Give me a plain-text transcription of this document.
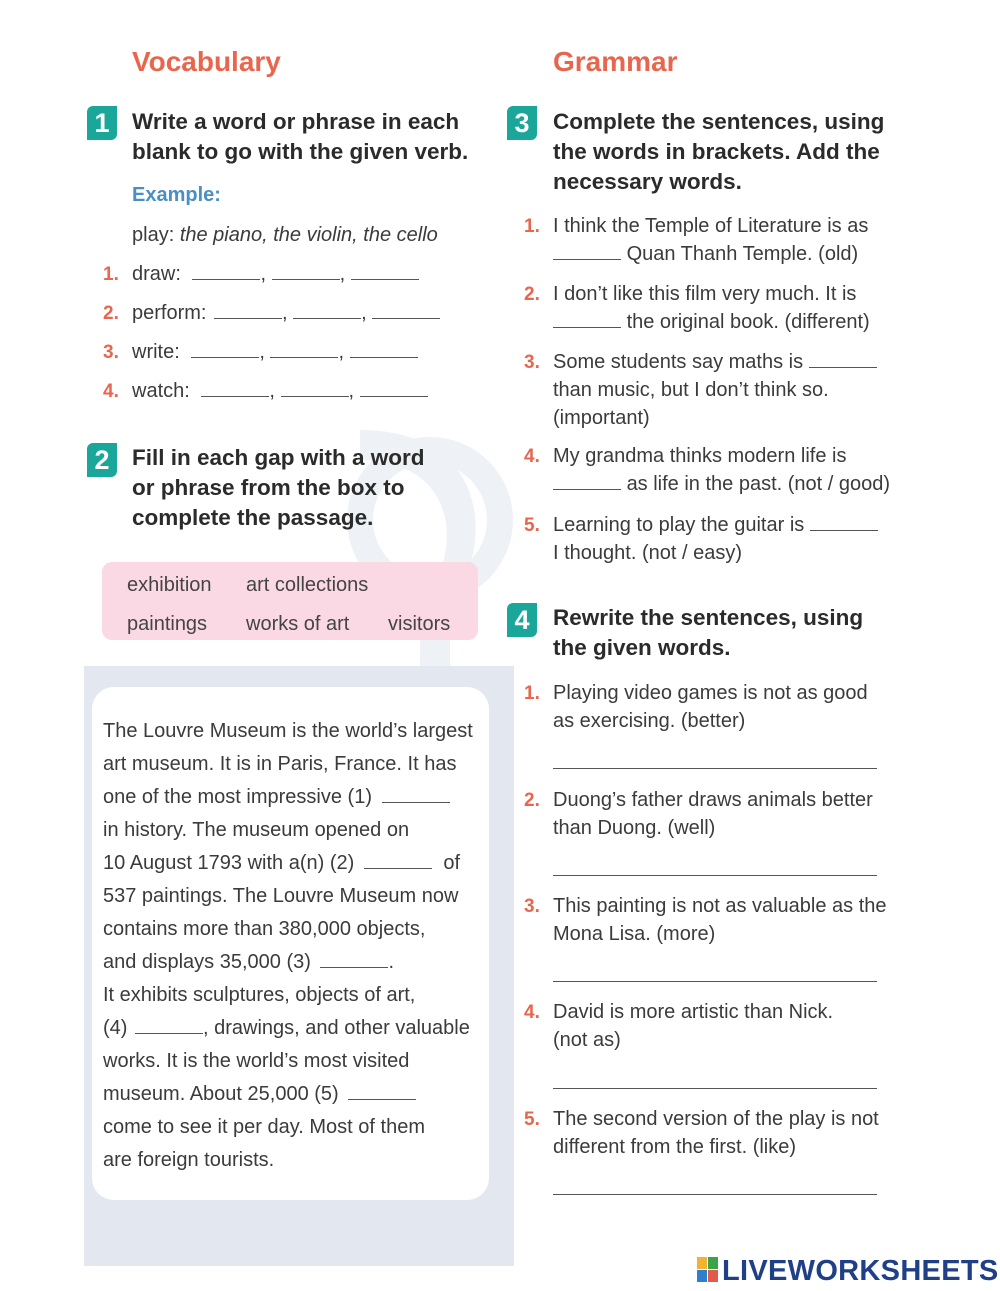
Vocabulary
1 Write a word or phrase in each
blank to go with the given verb.
Example:
play: the piano, the violin, the cello
1. draw:	,	,
2. perform:	,	,
3. write:	,	,
4. watch:	,	,
2 Fill in each gap with a word
or phrase from the box to
complete the passage.
exhibition art collections
paintings works of art visitors
The Louvre Museum is the world’s largest
art museum. It is in Paris, France. It has
one of the most impressive (1)
in history. The museum opened on
10 August 1793 with a(n) (2)	of
537 paintings. The Louvre Museum now
contains more than 380,000 objects,
and displays 35,000 (3)	.
It exhibits sculptures, objects of art,
(4)	, drawings, and other valuable
works. It is the world’s most visited
museum. About 25,000 (5)
come to see it per day. Most of them
are foreign tourists.
Grammar
3	Complete the sentences, using
the words in brackets. Add the
necessary words.
1. I think the Temple of Literature is as
Quan Thanh Temple. (old)
2. I don’t like this film very much. It is
the original book. (different)
3. Some students say maths is
than music, but I don’t think so.
(important)
4. My grandma thinks modern life is
as life in the past. (not / good)
5. Learning to play the guitar is
I thought. (not / easy)
4	Rewrite the sentences, using
the given words.
1. Playing video games is not as good
as exercising. (better)
2. Duong’s father draws animals better
than Duong. (well)
3. This painting is not as valuable as the
Mona Lisa. (more)
4. David is more artistic than Nick.
(not as)
5. The second version of the play is not
different from the first. (like)
LIVEWORKSHEETS
